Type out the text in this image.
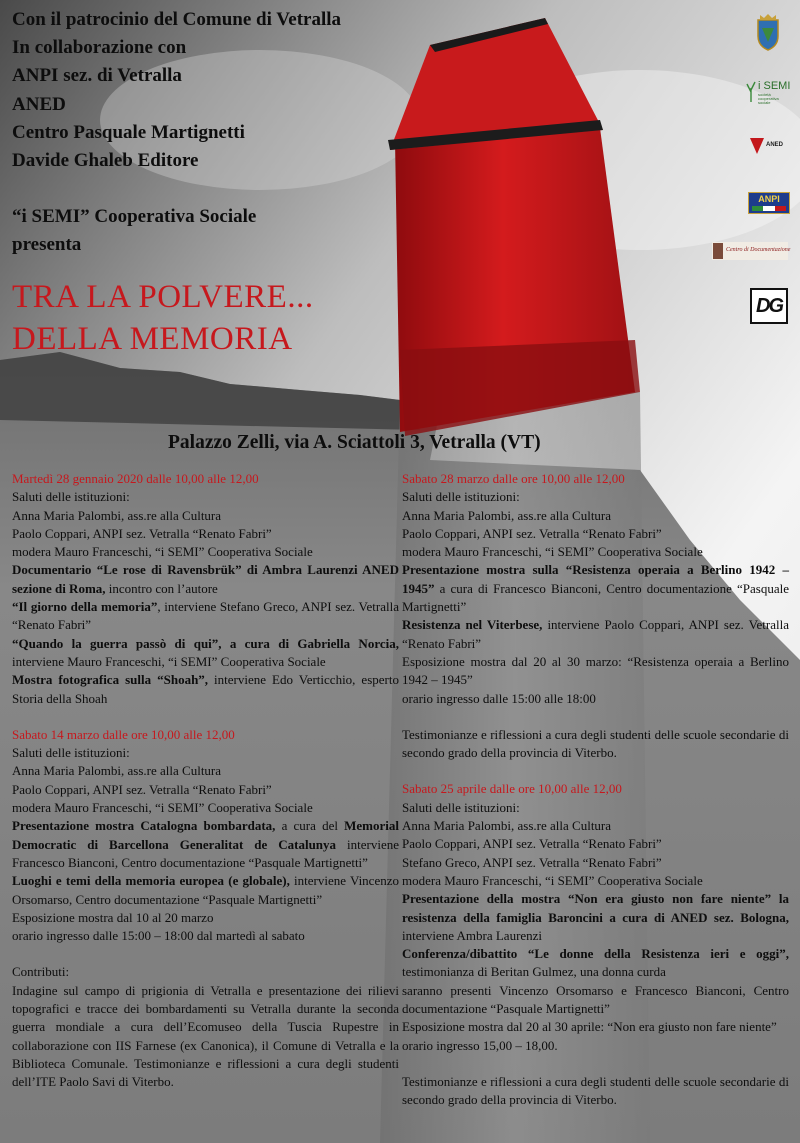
Con il patrocinio del Comune di Vetralla
In collaborazione con
ANPI sez. di Vetralla
ANED
Centro Pasquale Martignetti
Davide Ghaleb Editore
“i SEMI” Cooperativa Sociale
presenta
TRA LA POLVERE...
DELLA MEMORIA
i SEMI
società cooperativa sociale
ANED
ANPI
Centro di Documentazione
DG
Palazzo Zelli, via A. Sciattoli 3, Vetralla (VT)
Martedì 28 gennaio 2020 dalle 10,00 alle 12,00
Saluti delle istituzioni:
Anna Maria Palombi, ass.re alla Cultura
Paolo Coppari, ANPI sez. Vetralla “Renato Fabri”
modera Mauro Franceschi, “i SEMI” Cooperativa Sociale
Documentario “Le rose di Ravensbrük” di Ambra Laurenzi ANED sezione di Roma, incontro con l’autore
“Il giorno della memoria”, interviene Stefano Greco, ANPI sez. Vetralla “Renato Fabri”
“Quando la guerra passò di qui”, a cura di Gabriella Norcia, interviene Mauro Franceschi, “i SEMI” Cooperativa Sociale
Mostra fotografica sulla “Shoah”, interviene Edo Verticchio, esperto Storia della Shoah
Sabato 14 marzo dalle ore 10,00 alle 12,00
Saluti delle istituzioni:
Anna Maria Palombi, ass.re alla Cultura
Paolo Coppari, ANPI sez. Vetralla “Renato Fabri”
modera Mauro Franceschi, “i SEMI” Cooperativa Sociale
Presentazione mostra Catalogna bombardata, a cura del Memorial Democratic di Barcellona Generalitat de Catalunya interviene Francesco Bianconi, Centro documentazione “Pasquale Martignetti”
Luoghi e temi della memoria europea (e globale), interviene Vincenzo Orsomarso, Centro documentazione “Pasquale Martignetti”
Esposizione mostra dal 10 al 20 marzo
orario ingresso dalle 15:00 – 18:00 dal martedì al sabato
Contributi:
Indagine sul campo di prigionia di Vetralla e presentazione dei rilievi topografici e tracce dei bombardamenti su Vetralla durante la seconda guerra mondiale a cura dell’Ecomuseo della Tuscia Rupestre in collaborazione con IIS Farnese (ex Canonica), il Comune di Vetralla e la Biblioteca Comunale. Testimonianze e riflessioni a cura degli studenti dell’ITE Paolo Savi di Viterbo.
Sabato 28 marzo dalle ore 10,00 alle 12,00
Saluti delle istituzioni:
Anna Maria Palombi, ass.re alla Cultura
Paolo Coppari, ANPI sez. Vetralla “Renato Fabri”
modera Mauro Franceschi, “i SEMI” Cooperativa Sociale
Presentazione mostra sulla “Resistenza operaia a Berlino 1942 – 1945” a cura di Francesco Bianconi, Centro documentazione “Pasquale Martignetti”
Resistenza nel Viterbese, interviene Paolo Coppari, ANPI sez. Vetralla “Renato Fabri”
Esposizione mostra dal 20 al 30 marzo: “Resistenza operaia a Berlino 1942 – 1945”
orario ingresso dalle 15:00 alle 18:00
Testimonianze e riflessioni a cura degli studenti delle scuole secondarie di secondo grado della provincia di Viterbo.
Sabato 25 aprile dalle ore 10,00 alle 12,00
Saluti delle istituzioni:
Anna Maria Palombi, ass.re alla Cultura
Paolo Coppari, ANPI sez. Vetralla “Renato Fabri”
Stefano Greco, ANPI sez. Vetralla “Renato Fabri”
modera Mauro Franceschi, “i SEMI” Cooperativa Sociale
Presentazione della mostra “Non era giusto non fare niente” la resistenza della famiglia Baroncini a cura di ANED sez. Bologna, interviene Ambra Laurenzi
Conferenza/dibattito “Le donne della Resistenza ieri e oggi”, testimonianza di Beritan Gulmez, una donna curda
saranno presenti Vincenzo Orsomarso e Francesco Bianconi, Centro documentazione “Pasquale Martignetti”
Esposizione mostra dal 20 al 30 aprile: “Non era giusto non fare niente”
orario ingresso 15,00 – 18,00.
Testimonianze e riflessioni a cura degli studenti delle scuole secondarie di secondo grado della provincia di Viterbo.
